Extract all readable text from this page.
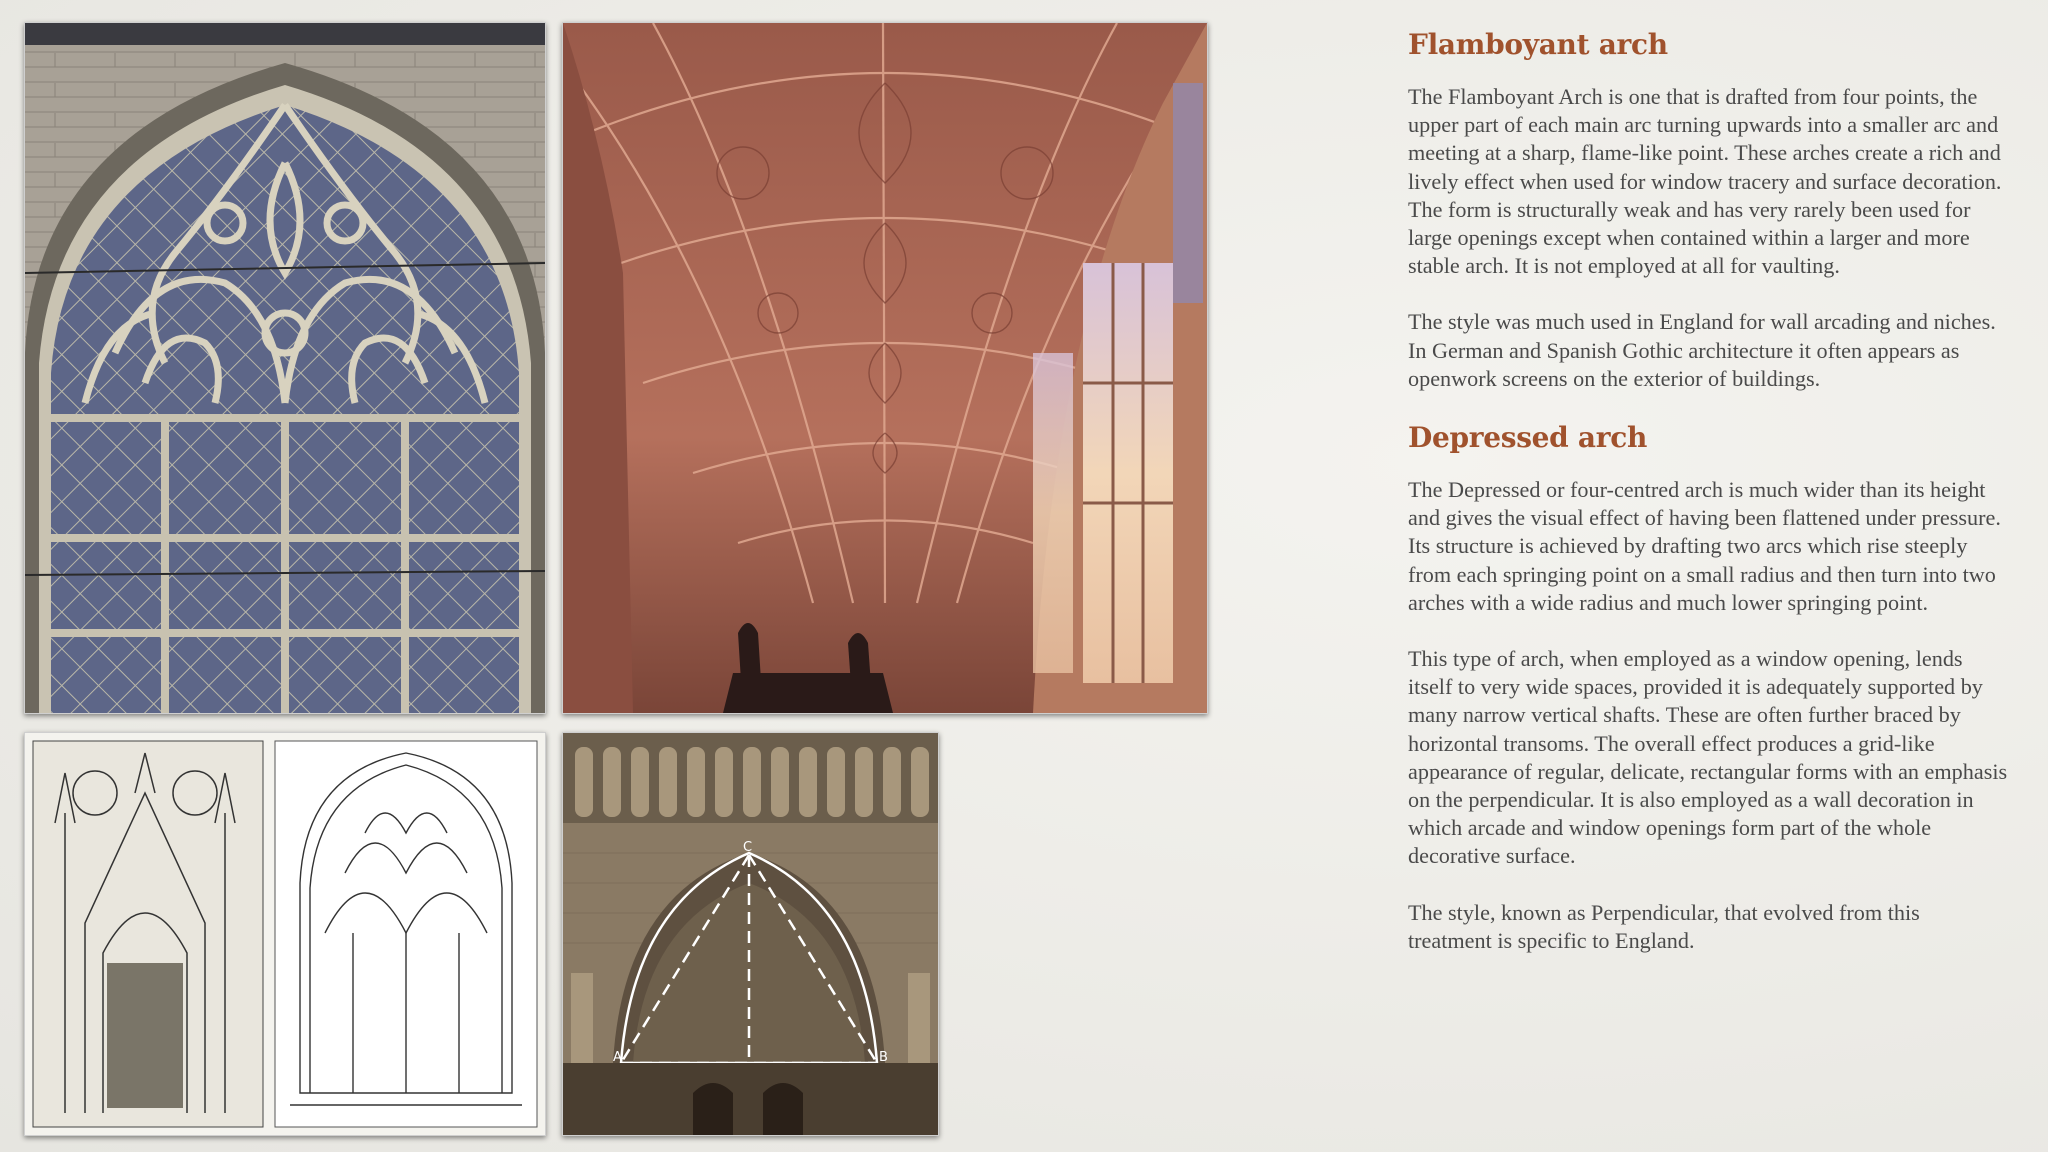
C
A	B
Flamboyant arch

The Flamboyant Arch is one that is drafted from four points, the upper part of each main arc turning upwards into a smaller arc and meeting at a sharp, flame-like point. These arches create a rich and lively effect when used for window tracery and surface decoration. The form is structurally weak and has very rarely been used for large openings except when contained within a larger and more stable arch. It is not employed at all for vaulting.

The style was much used in England for wall arcading and niches. In German and Spanish Gothic architecture it often appears as openwork screens on the exterior of buildings.

Depressed arch

The Depressed or four-centred arch is much wider than its height and gives the visual effect of having been flattened under pressure. Its structure is achieved by drafting two arcs which rise steeply from each springing point on a small radius and then turn into two arches with a wide radius and much lower springing point.

This type of arch, when employed as a window opening, lends itself to very wide spaces, provided it is adequately supported by many narrow vertical shafts. These are often further braced by horizontal transoms. The overall effect produces a grid-like appearance of regular, delicate, rectangular forms with an emphasis on the perpendicular. It is also employed as a wall decoration in which arcade and window openings form part of the whole decorative surface.

The style, known as Perpendicular, that evolved from this treatment is specific to England.
